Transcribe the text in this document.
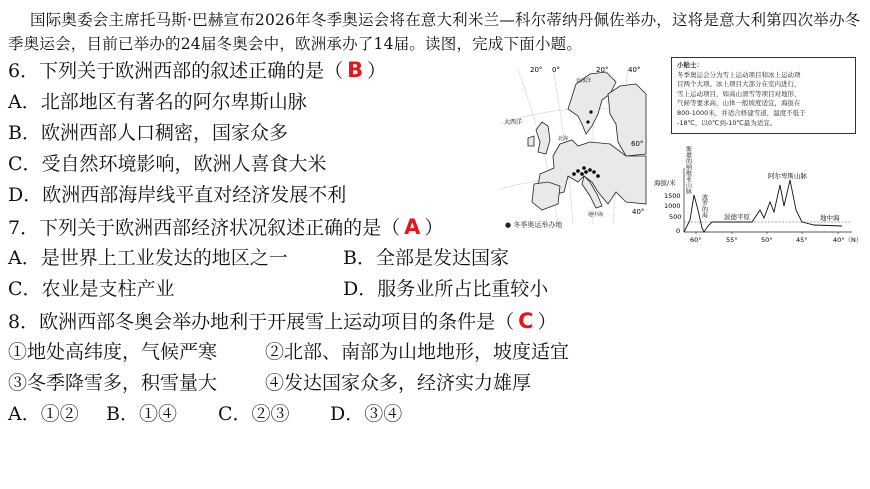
国际奥委会主席托马斯·巴赫宣布2026年冬季奥运会将在意大利米兰—科尔蒂纳丹佩佐举办，这将是意大利第四次举办冬季奥运会，目前已举办的24届冬奥会中，欧洲承办了14届。读图，完成下面小题。
6．下列关于欧洲西部的叙述正确的是（ B ）
A．北部地区有著名的阿尔卑斯山脉
B．欧洲西部人口稠密，国家众多
C．受自然环境影响，欧洲人喜食大米
D．欧洲西部海岸线平直对经济发展不利
7．下列关于欧洲西部经济状况叙述正确的是（ A ）
A．是世界上工业发达的地区之一	B．全部是发达国家
C．农业是支柱产业	D．服务业所占比重较小
8．欧洲西部冬奥会举办地利于开展雪上运动项目的条件是（ C ）
①地处高纬度，气候严寒	②北部、南部为山地地形，坡度适宜
③冬季降雪多，积雪量大	④发达国家众多，经济实力雄厚
A．①② B．①④ C．②③ D．③④
20° 0°	20°	40°
60°
40°
大西洋
北冰洋
北海
地中海
● 冬季奥运举办地
小贴士：
冬季奥运会分为雪上运动项目和冰上运动项
目两个大项。冰上项目大部分在室内进行，
雪上运动项目，如高山滑雪等项目对地形、
气候等要求高，山体一般坡度适宜，海拔在
800-1000米，并适合修建雪道，温度不低于
-18℃，以0℃到-10℃最为适宜。
海拔/米
1500
1000
500
0
60°	55°	50°	45°	40°（N）
斯堪的纳维亚山脉
波罗的海	波德平原
阿尔卑斯山脉
地中海
